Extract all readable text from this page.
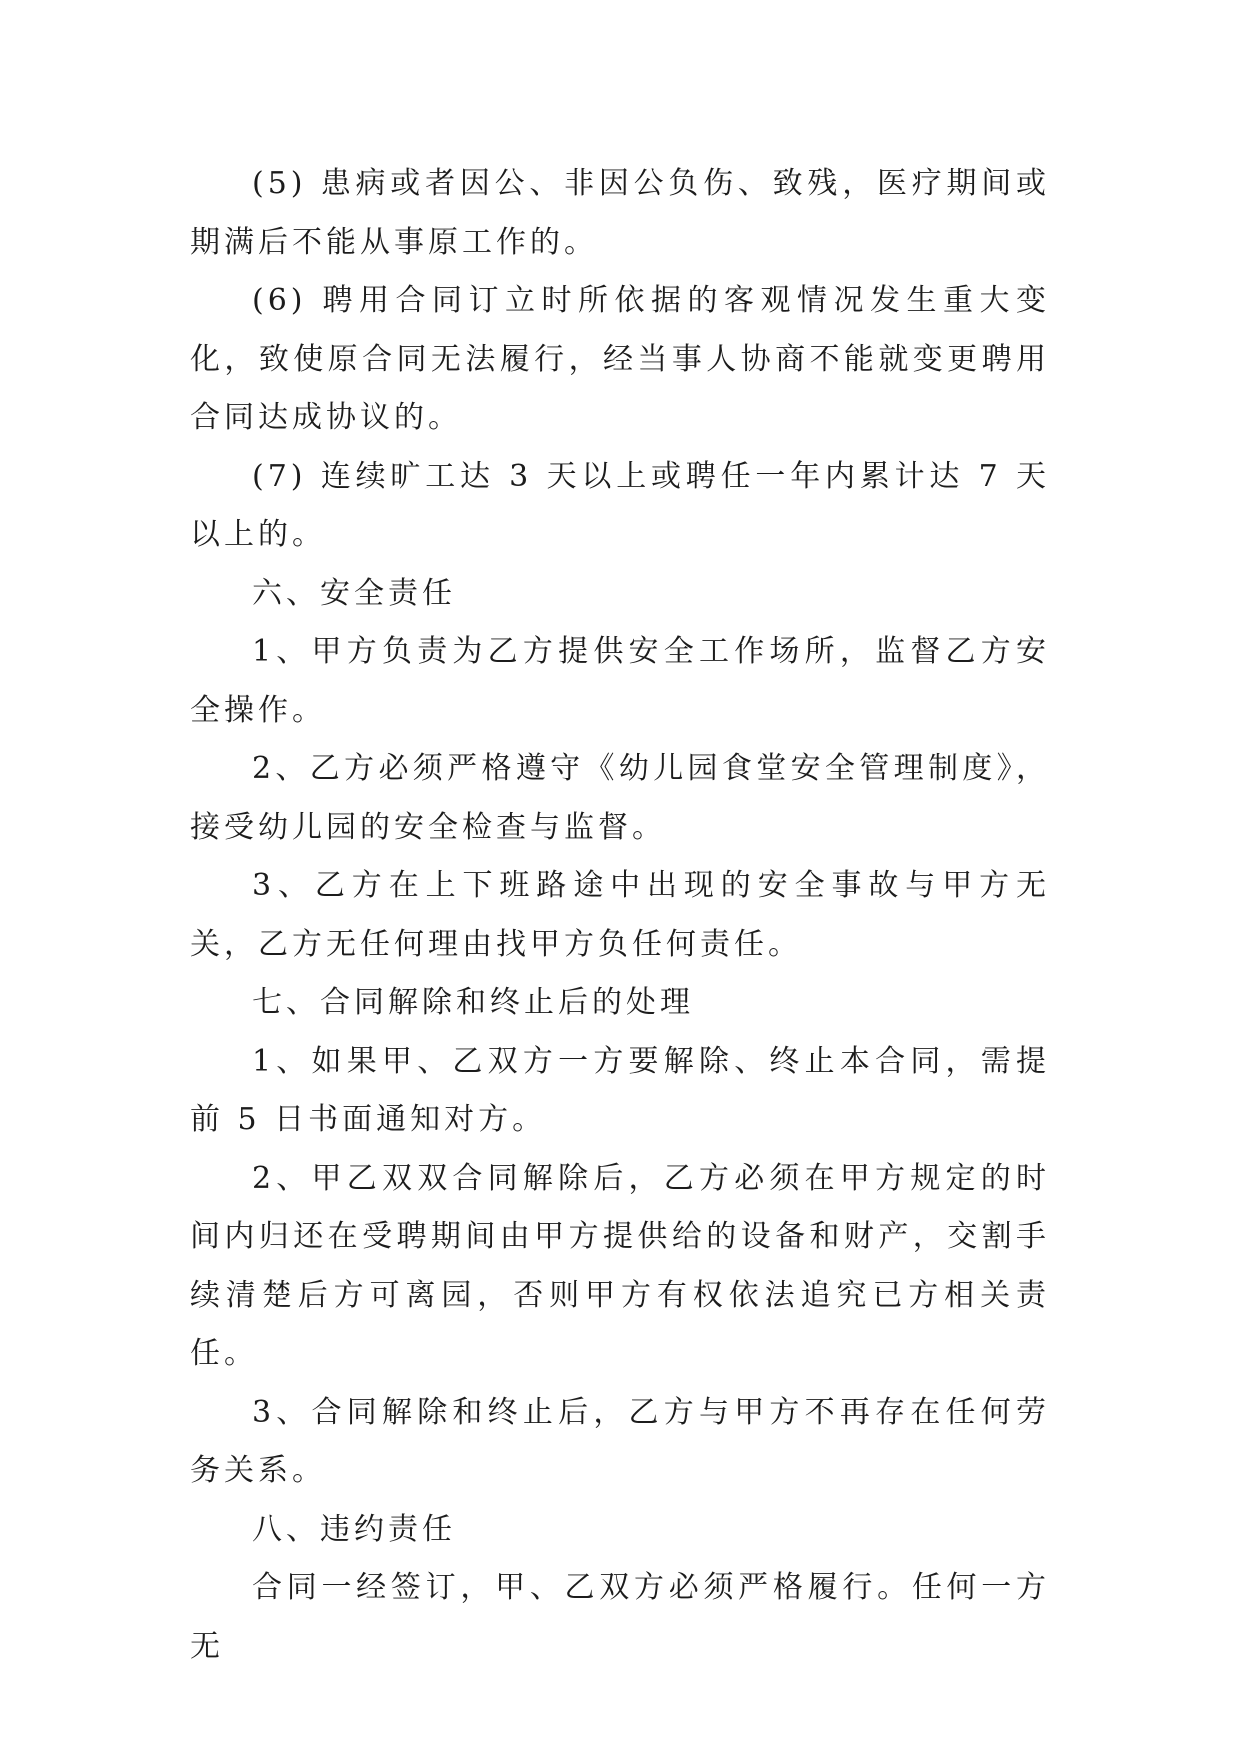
(5) 患病或者因公、非因公负伤、致残，医疗期间或期满后不能从事原工作的。

(6) 聘用合同订立时所依据的客观情况发生重大变化，致使原合同无法履行，经当事人协商不能就变更聘用合同达成协议的。

(7) 连续旷工达 3 天以上或聘任一年内累计达 7 天以上的。

六、安全责任

1、甲方负责为乙方提供安全工作场所，监督乙方安全操作。

2、乙方必须严格遵守《幼儿园食堂安全管理制度》，接受幼儿园的安全检查与监督。

3、乙方在上下班路途中出现的安全事故与甲方无关，乙方无任何理由找甲方负任何责任。

七、合同解除和终止后的处理

1、如果甲、乙双方一方要解除、终止本合同，需提前 5 日书面通知对方。

2、甲乙双双合同解除后，乙方必须在甲方规定的时间内归还在受聘期间由甲方提供给的设备和财产，交割手续清楚后方可离园，否则甲方有权依法追究已方相关责任。

3、合同解除和终止后，乙方与甲方不再存在任何劳务关系。

八、违约责任

合同一经签订，甲、乙双方必须严格履行。任何一方无
